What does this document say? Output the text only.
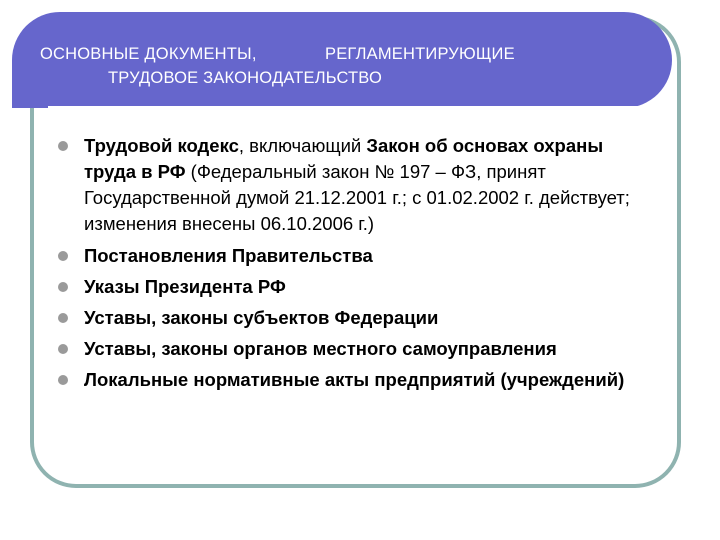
ОСНОВНЫЕ ДОКУМЕНТЫ,	РЕГЛАМЕНТИРУЮЩИЕ
ТРУДОВОЕ ЗАКОНОДАТЕЛЬСТВО
Трудовой кодекс, включающий Закон об основах охраны труда в РФ (Федеральный закон № 197 – ФЗ, принят Государственной думой 21.12.2001 г.; с 01.02.2002 г. действует; изменения внесены 06.10.2006 г.)
Постановления Правительства
Указы Президента РФ
Уставы, законы субъектов Федерации
Уставы, законы органов местного самоуправления
Локальные нормативные акты предприятий (учреждений)
